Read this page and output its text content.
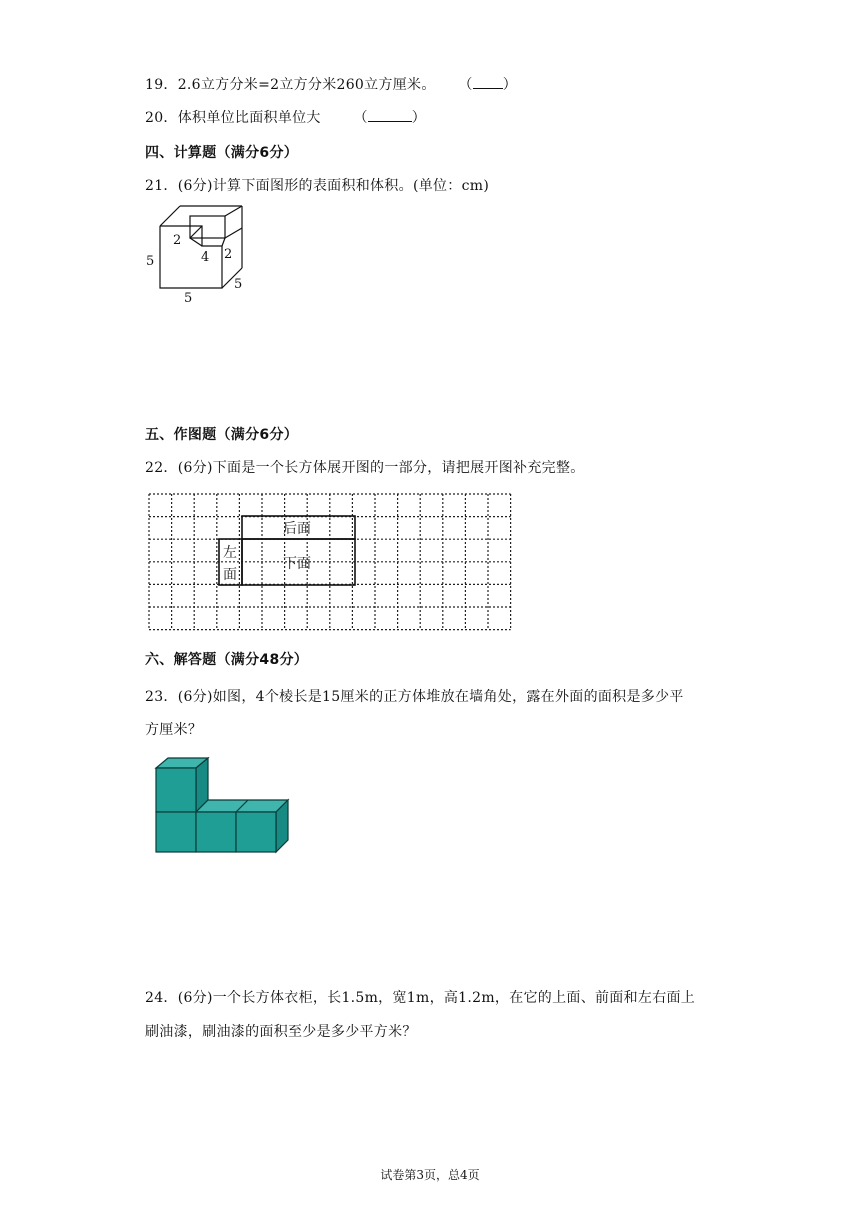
19．2.6立方分米=2立方分米260立方厘米。 （ ）
20．体积单位比面积单位大 （	）
四、计算题（满分6分）
21．(6分)计算下面图形的表面积和体积。(单位：cm)
2
4 2
5
5
5
五、作图题（满分6分）
22．(6分)下面是一个长方体展开图的一部分，请把展开图补充完整。
后面
下面
左
面
六、解答题（满分48分）
23．(6分)如图，4个棱长是15厘米的正方体堆放在墙角处，露在外面的面积是多少平
方厘米？
24．(6分)一个长方体衣柜，长1.5m，宽1m，高1.2m，在它的上面、前面和左右面上
刷油漆，刷油漆的面积至少是多少平方米？
试卷第3页，总4页
